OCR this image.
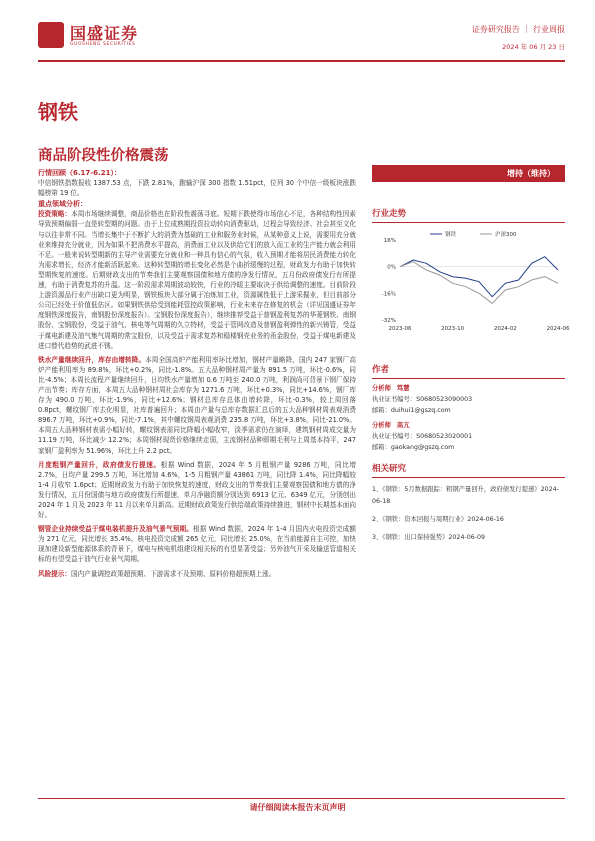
国盛证券
GUOSHENG SECURITIES
证券研究报告 ｜ 行业周报
2024 年 06 月 23 日
钢铁
商品阶段性价格震荡
行情回顾（6.17-6.21）：
中信钢铁指数报收 1387.53 点，下跌 2.81%，跑输沪深 300 指数 1.51pct，位列 30 个中信一级板块涨跌幅榜第 19 位。
重点领域分析：
投资策略：本周市场继续调整，商品价格也在阶段性震荡寻底。短期下跌使得市场信心不足，各种结构性因素导致预期偏弱一直是转型期的问题。由于上位成熟期投资拉动转向消费驱动，过程会导致经济、社会甚至文化与以往非常不同。当增长集中于不断扩大的消费为基础的工业和服务业时候，从某种意义上说，需要用充分就业来维持充分就业，因为如果不把消费水平提高，消费面工业以及供给它们的放入而工业的生产能力就会利用不足。一般来说转型期新的主导产业需要充分就业和一种具有信心的气氛，收入预期才能将居民消费能力转化为需求增长，经济才能新活跃起来。这种转型期的增长变化必然是个曲折缓慢的过程，财政发力有助于加快转型期恢复的速度。后期财政支出的节奏我们主要观察国债和地方债的净发行情况，五月份政府债发行有所提速，有助于消费复苏的升温。这一阶段需求周期波动较快，行业的冷暖主要取决于供给调整的速度。目前阶段上游资源品行业产出缺口更为明显，钢铁板块大部分属于冶炼加工业，资源属性低于上游采掘业，但目前部分公司已经处于价值低估区。如果钢铁供给受到能耗管控政策影响，行业未来存在修复的机会（详见国盛证券年度钢铁深度报告，南钢股份深度报告）。宝钢股份深度报告），继续推荐受益于普钢盈利复苏的华菱钢铁、南钢股份、宝钢股份，受益于油气、核电等气周期的久立特材，受益于管网改造及普钢盈利弹性的新兴铸管，受益于煤电新建及油气集气周期的常宝股份，以及受益于需求复苏和稳楼钢壳业务的甬金股份，受益于煤电新建及进口替代趋势的武进不锈。
铁水产量继续回升，库存由增转降。本周全国高炉产能利用率环比增加，钢材产量略降，国内 247 家钢厂高炉产能利用率为 89.8%，环比+0.2%，同比-1.8%。五大品种钢材周产量为 891.5 万吨，环比-0.6%，同比-4.5%；本周长流程产量继续回升，日均铁水产量增加 0.6 万吨至 240.0 万吨，利润尚可背景下钢厂保持产出节奏；库存方面，本周五大品种钢材周社会库存为 1271.6 万吨，环比+0.3%，同比+14.6%，钢厂库存为 490.0 万吨，环比-1.9%，同比+12.6%；钢材总库存总体由增转降，环比-0.3%，较上周回落 0.8pct，螺纹钢厂库去化明显，社库普遍回升；本周由产量与总库存数据汇总后的五大品种钢材周表观消费 896.7 万吨，环比+0.9%，同比-7.1%，其中螺纹钢周表观消费 235.8 万吨，环比+3.8%，同比-21.0%。本周五大品种钢材表需小幅好转，螺纹钢表需同比降幅小幅收窄，淡季需求仍在演绎，建筑钢材周成交量为 11.19 万吨，环比减少 12.2%；本周钢材现货价格继续走弱，主流钢材品种即期毛利与上周基本持平，247 家钢厂盈利率为 51.96%，环比上升 2.2 pct。
月度粗钢产量回升，政府债发行提速。根据 Wind 数据，2024 年 5 月粗钢产量 9286 万吨，同比增 2.7%，日均产量 299.5 万吨，环比增加 4.6%，1-5 月粗钢产量 43861 万吨，同比降 1.4%，同比降幅较 1-4 月收窄 1.6pct；近期财政发力有助于加快恢复的速度，财政支出的节奏我们主要观察国债和地方债的净发行情况，五月份国债与地方政府债发行所提速，单月净融资额分别达到 6913 亿元、6349 亿元，分别创出 2024 年 1 月及 2023 年 11 月以来单月新高。近期财政政策发行供给端政策持续推进，钢材中长期基本面向好。
钢管企业持续受益于煤电装机提升及油气景气预期。根据 Wind 数据，2024 年 1-4 月国内火电投资完成额为 271 亿元，同比增长 35.4%。核电投资完成额 265 亿元，同比增长 25.0%，在当前能源自主可控，加快现加建设新型能源体系的背景下，煤电与核电机组建设相关标的有望显著受益；另外油气开采及输送管道相关标的有望受益于油气行业景气周期。
风险提示：国内产量调控政策超预期、下游需求不及预期、原料价格超预期上涨。
增持（维持）
行业走势
16%
0%
-16%
-32%
2023-06	2023-10	2024-02	2024-06
钢铁	沪深300
作者
分析师 笃慧
执业证书编号：S0680523090003
邮箱：duihui1@gszq.com
分析师 高亢
执业证书编号：S0680523020001
邮箱：gaokang@gszq.com
相关研究
1、《钢铁：5月数据跟踪：粗钢产量回升，政府债发行提速》2024-06-18
2、《钢铁：资本回报与周期行业》2024-06-16
3、《钢铁：出口保持强势》2024-06-09
请仔细阅读本报告末页声明
